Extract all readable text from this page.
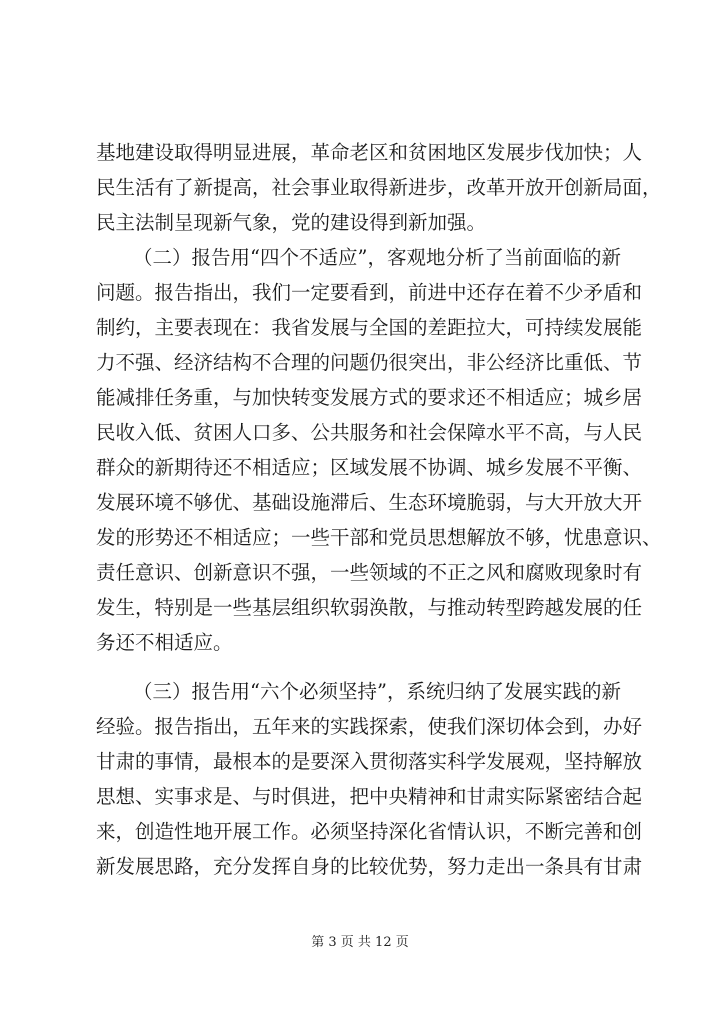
基地建设取得明显进展，革命老区和贫困地区发展步伐加快；人
民生活有了新提高，社会事业取得新进步，改革开放开创新局面，
民主法制呈现新气象，党的建设得到新加强。
（二）报告用“四个不适应”，客观地分析了当前面临的新
问题。报告指出，我们一定要看到，前进中还存在着不少矛盾和
制约，主要表现在：我省发展与全国的差距拉大，可持续发展能
力不强、经济结构不合理的问题仍很突出，非公经济比重低、节
能减排任务重，与加快转变发展方式的要求还不相适应；城乡居
民收入低、贫困人口多、公共服务和社会保障水平不高，与人民
群众的新期待还不相适应；区域发展不协调、城乡发展不平衡、
发展环境不够优、基础设施滞后、生态环境脆弱，与大开放大开
发的形势还不相适应；一些干部和党员思想解放不够，忧患意识、
责任意识、创新意识不强，一些领域的不正之风和腐败现象时有
发生，特别是一些基层组织软弱涣散，与推动转型跨越发展的任
务还不相适应。
（三）报告用“六个必须坚持”，系统归纳了发展实践的新
经验。报告指出，五年来的实践探索，使我们深切体会到，办好
甘肃的事情，最根本的是要深入贯彻落实科学发展观，坚持解放
思想、实事求是、与时俱进，把中央精神和甘肃实际紧密结合起
来，创造性地开展工作。必须坚持深化省情认识，不断完善和创
新发展思路，充分发挥自身的比较优势，努力走出一条具有甘肃
第 3 页 共 12 页
